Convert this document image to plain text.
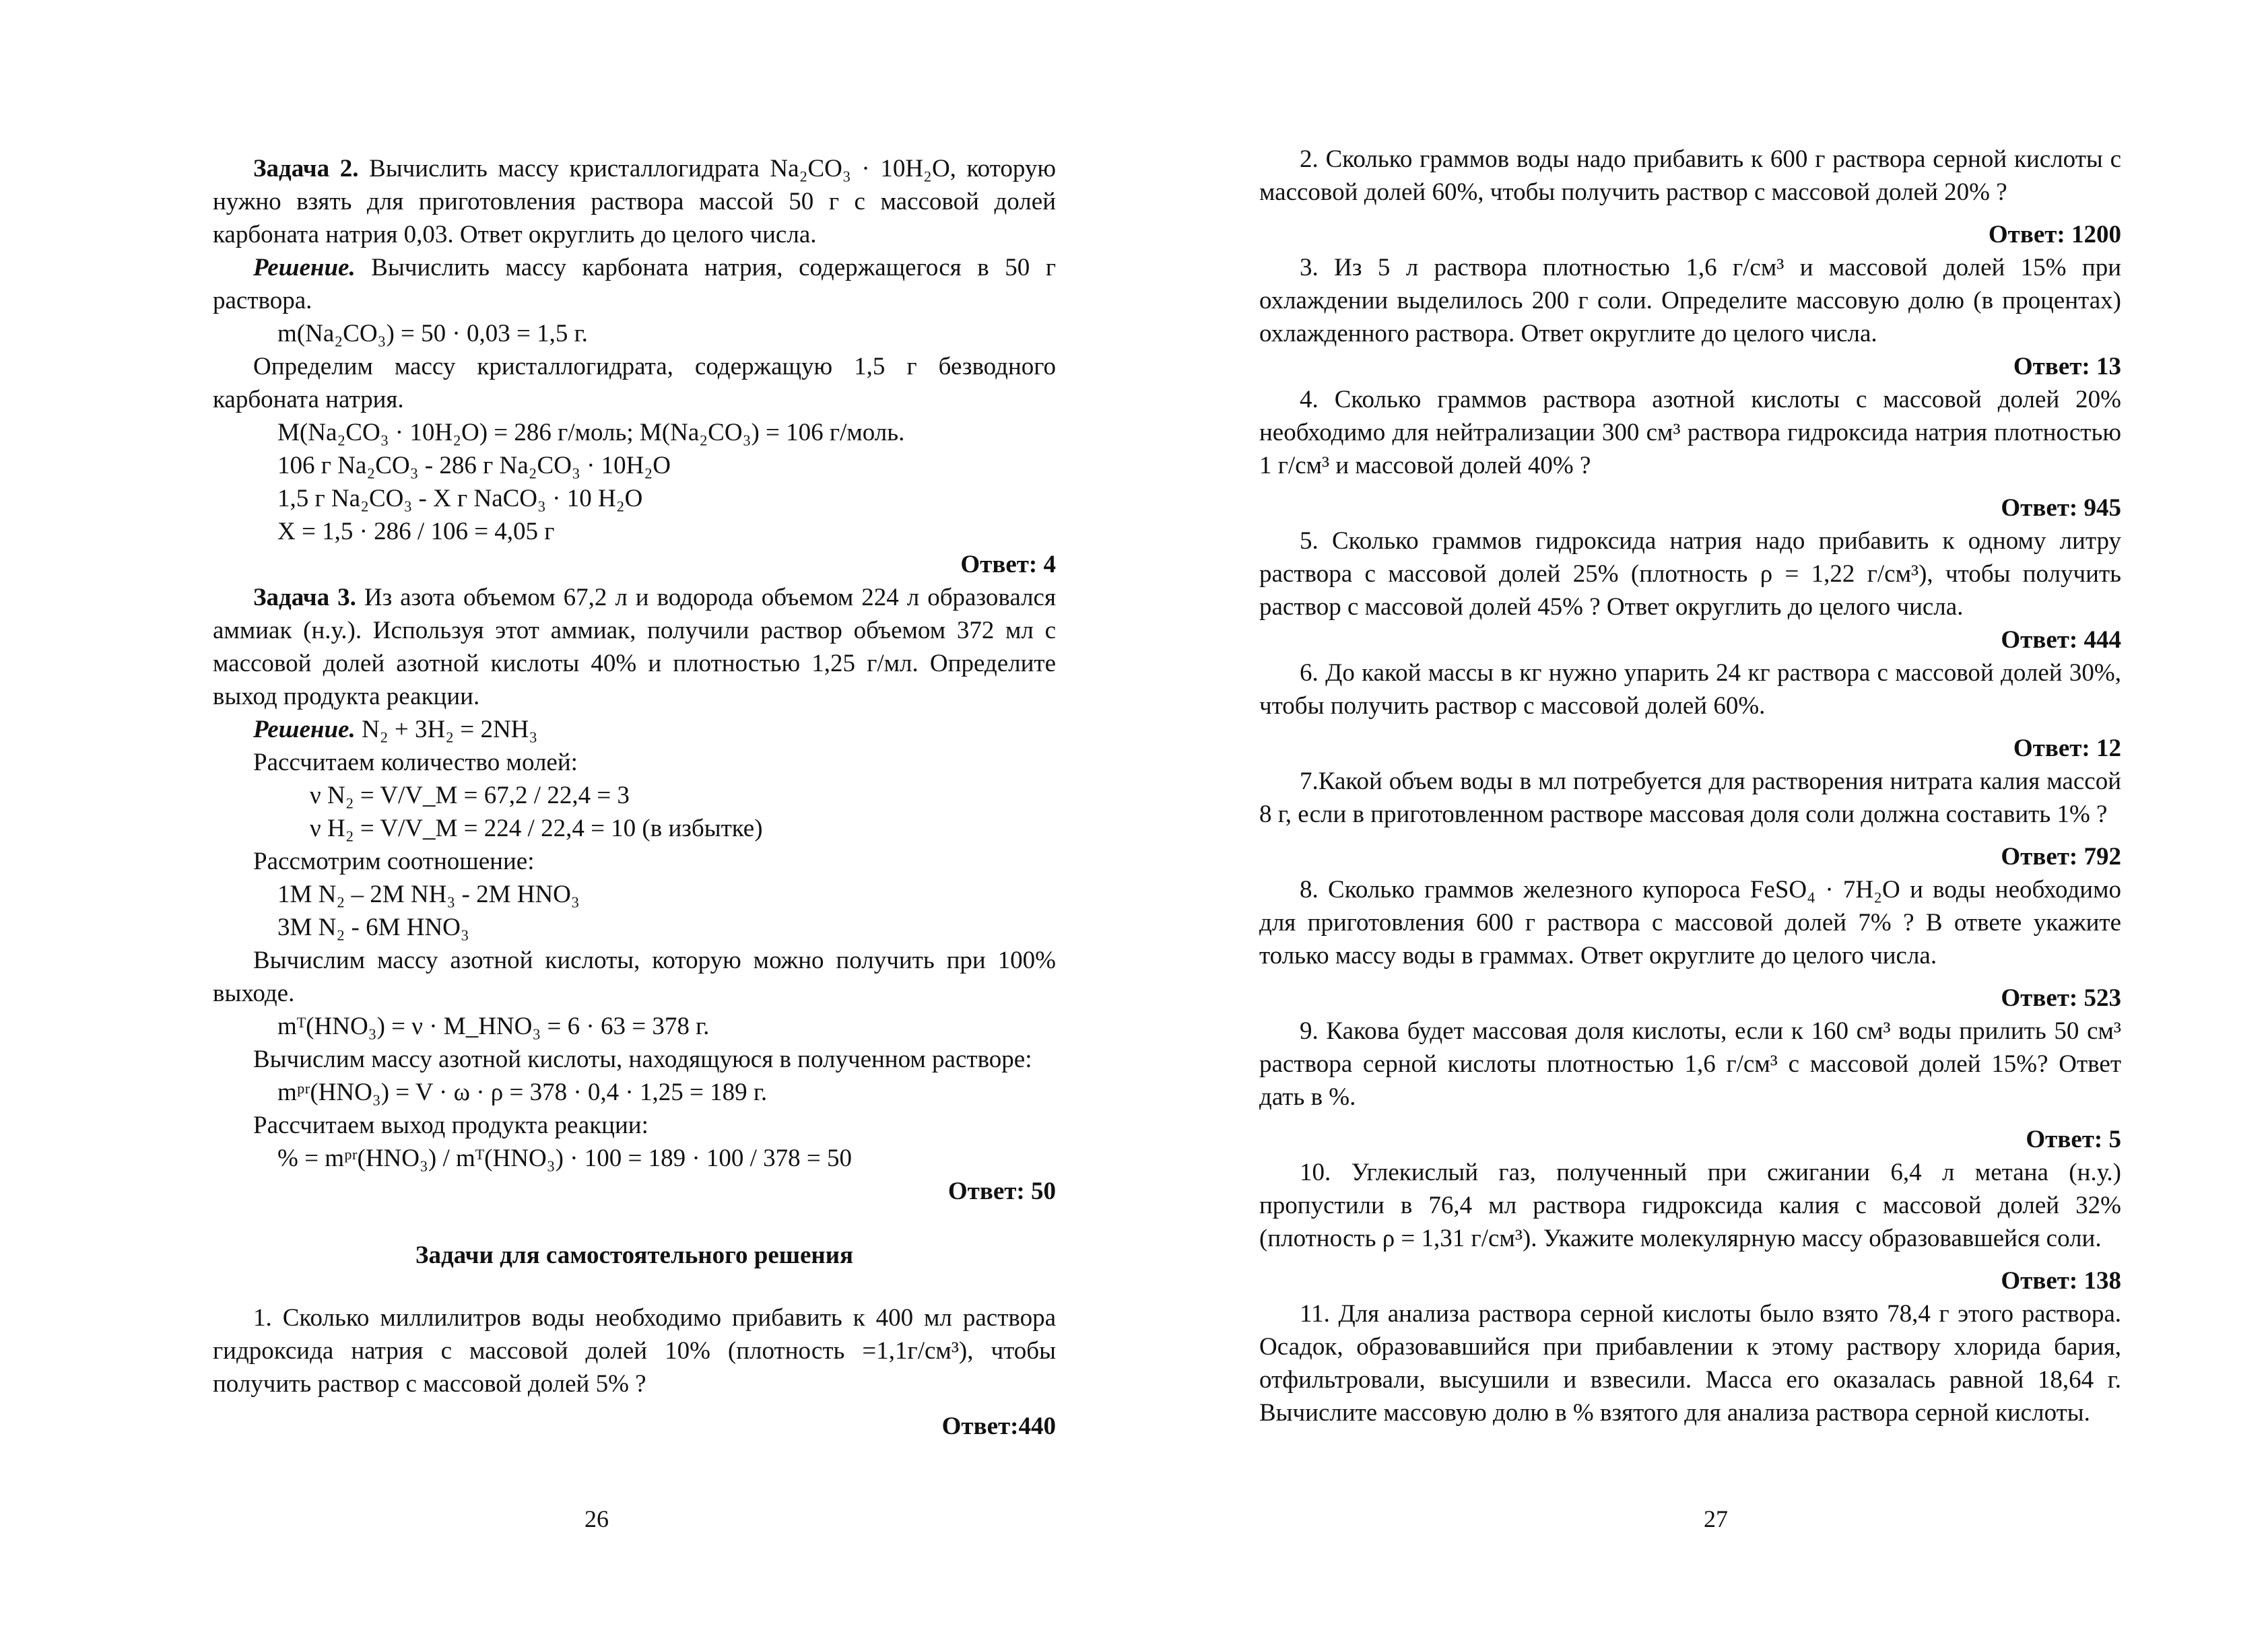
Задача 2. Вычислить массу кристаллогидрата Na₂CO₃ · 10H₂O, которую нужно взять для приготовления раствора массой 50 г с массовой долей карбоната натрия 0,03. Ответ округлить до целого числа.

Решение. Вычислить массу карбоната натрия, содержащегося в 50 г раствора.

m(Na₂CO₃) = 50 · 0,03 = 1,5 г.

Определим массу кристаллогидрата, содержащую 1,5 г безводного карбоната натрия.

M(Na₂CO₃ · 10H₂O) = 286 г/моль; M(Na₂CO₃) = 106 г/моль.

106 г Na₂CO₃ - 286 г Na₂CO₃ · 10H₂O

1,5 г Na₂CO₃ - X г NaCO₃ · 10 H₂O

X = 1,5 · 286 / 106 = 4,05 г

Ответ: 4

Задача 3. Из азота объемом 67,2 л и водорода объемом 224 л образовался аммиак (н.у.). Используя этот аммиак, получили раствор объемом 372 мл с массовой долей азотной кислоты 40% и плотностью 1,25 г/мл. Определите выход продукта реакции.

Решение. N₂ + 3H₂ = 2NH₃

Рассчитаем количество молей:

ν N₂ = V/V_M = 67,2 / 22,4 = 3

ν H₂ = V/V_M = 224 / 22,4 = 10 (в избытке)

Рассмотрим соотношение:

1M N₂ – 2M NH₃ - 2M HNO₃

3M N₂ - 6M HNO₃

Вычислим массу азотной кислоты, которую можно получить при 100% выходе.

mᵀ(HNO₃) = ν · M_HNO₃ = 6 · 63 = 378 г.

Вычислим массу азотной кислоты, находящуюся в полученном растворе:

mᵖʳ(HNO₃) = V · ω · ρ = 378 · 0,4 · 1,25 = 189 г.

Рассчитаем выход продукта реакции:

% = mᵖʳ(HNO₃) / mᵀ(HNO₃) · 100 = 189 · 100 / 378 = 50

Ответ: 50

Задачи для самостоятельного решения

1. Сколько миллилитров воды необходимо прибавить к 400 мл раствора гидроксида натрия с массовой долей 10% (плотность =1,1г/см³), чтобы получить раствор с массовой долей 5% ?

Ответ:440

26

2. Сколько граммов воды надо прибавить к 600 г раствора серной кислоты с массовой долей 60%, чтобы получить раствор с массовой долей 20% ?

Ответ: 1200

3. Из 5 л раствора плотностью 1,6 г/см³ и массовой долей 15% при охлаждении выделилось 200 г соли. Определите массовую долю (в процентах) охлажденного раствора. Ответ округлите до целого числа.

Ответ: 13

4. Сколько граммов раствора азотной кислоты с массовой долей 20% необходимо для нейтрализации 300 см³ раствора гидроксида натрия плотностью 1 г/см³ и массовой долей 40% ?

Ответ: 945

5. Сколько граммов гидроксида натрия надо прибавить к одному литру раствора с массовой долей 25% (плотность ρ = 1,22 г/см³), чтобы получить раствор с массовой долей 45% ? Ответ округлить до целого числа.

Ответ: 444

6. До какой массы в кг нужно упарить 24 кг раствора с массовой долей 30%, чтобы получить раствор с массовой долей 60%.

Ответ: 12

7.Какой объем воды в мл потребуется для растворения нитрата калия массой 8 г, если в приготовленном растворе массовая доля соли должна составить 1% ?

Ответ: 792

8. Сколько граммов железного купороса FeSO₄ · 7H₂O и воды необходимо для приготовления 600 г раствора с массовой долей 7% ? В ответе укажите только массу воды в граммах. Ответ округлите до целого числа.

Ответ: 523

9. Какова будет массовая доля кислоты, если к 160 см³ воды прилить 50 см³ раствора серной кислоты плотностью 1,6 г/см³ с массовой долей 15%? Ответ дать в %.

Ответ: 5

10. Углекислый газ, полученный при сжигании 6,4 л метана (н.у.) пропустили в 76,4 мл раствора гидроксида калия с массовой долей 32% (плотность ρ = 1,31 г/см³). Укажите молекулярную массу образовавшейся соли.

Ответ: 138

11. Для анализа раствора серной кислоты было взято 78,4 г этого раствора. Осадок, образовавшийся при прибавлении к этому раствору хлорида бария, отфильтровали, высушили и взвесили. Масса его оказалась равной 18,64 г. Вычислите массовую долю в % взятого для анализа раствора серной кислоты.

27
